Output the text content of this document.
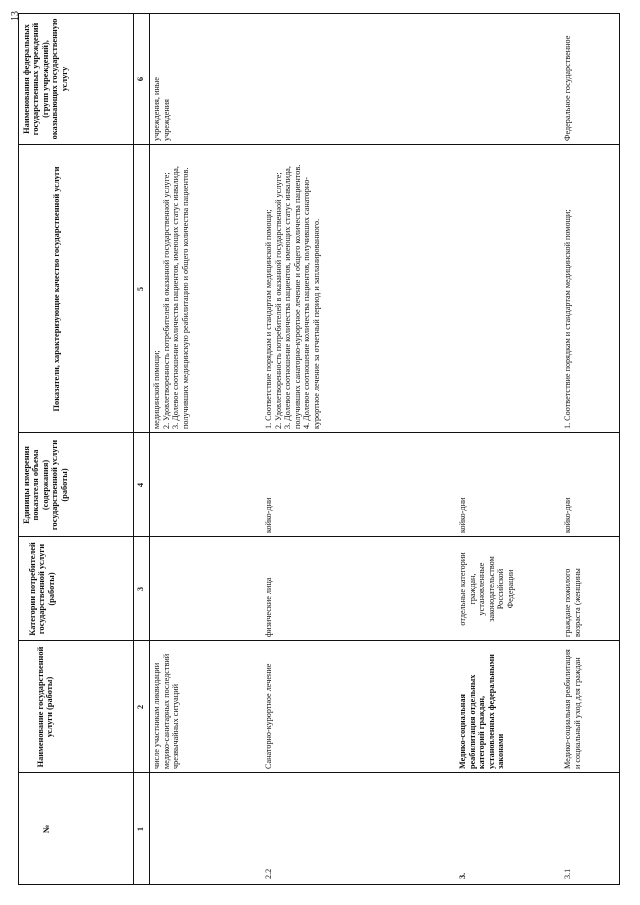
№
Наименование государственной услуги (работы)
Категории потребителей государственной услуги (работы)
Единицы измерения показателя объема (содержания) государственной услуги (работы)
Показатели, характеризующие качество государственной услуги
Наименования федеральных государственных учреждений (групп учреждений), оказывающих государственную услугу
1
2
3
4
5
6
числе участникам ликвидации медико-санитарных последствий чрезвычайных ситуаций
медицинской помощи;
2. Удовлетворенность потребителей в оказанной государственной услуге;
3. Долевое соотношение количества пациентов, имеющих статус инвалида, получивших медицинскую реабилитацию и общего количества пациентов.
учреждения, иные учреждения
2.2
Санаторно-курортное лечение
физические лица
койко-дни
1. Соответствие порядкам и стандартам медицинской помощи;
2. Удовлетворенность потребителей в оказанной государственной услуге;
3. Долевое соотношение количества пациентов, имеющих статус инвалида, получивших санаторно-курортное лечение и общего количества пациентов.
4. Долевое соотношение количества пациентов, получивших санаторно-курортное лечение за отчетный период и запланированного.
3.
Медико-социальная реабилитация отдельных категорий граждан, установленных федеральными законами
отдельные категории граждан, установленные законодательством Российской Федерации
койко-дни
3.1
Медико-социальная реабилитация и социальный уход для граждан
граждане пожилого возраста (женщины
койко-дни
1. Соответствие порядкам и стандартам медицинской помощи;
Федеральное государственное
13
